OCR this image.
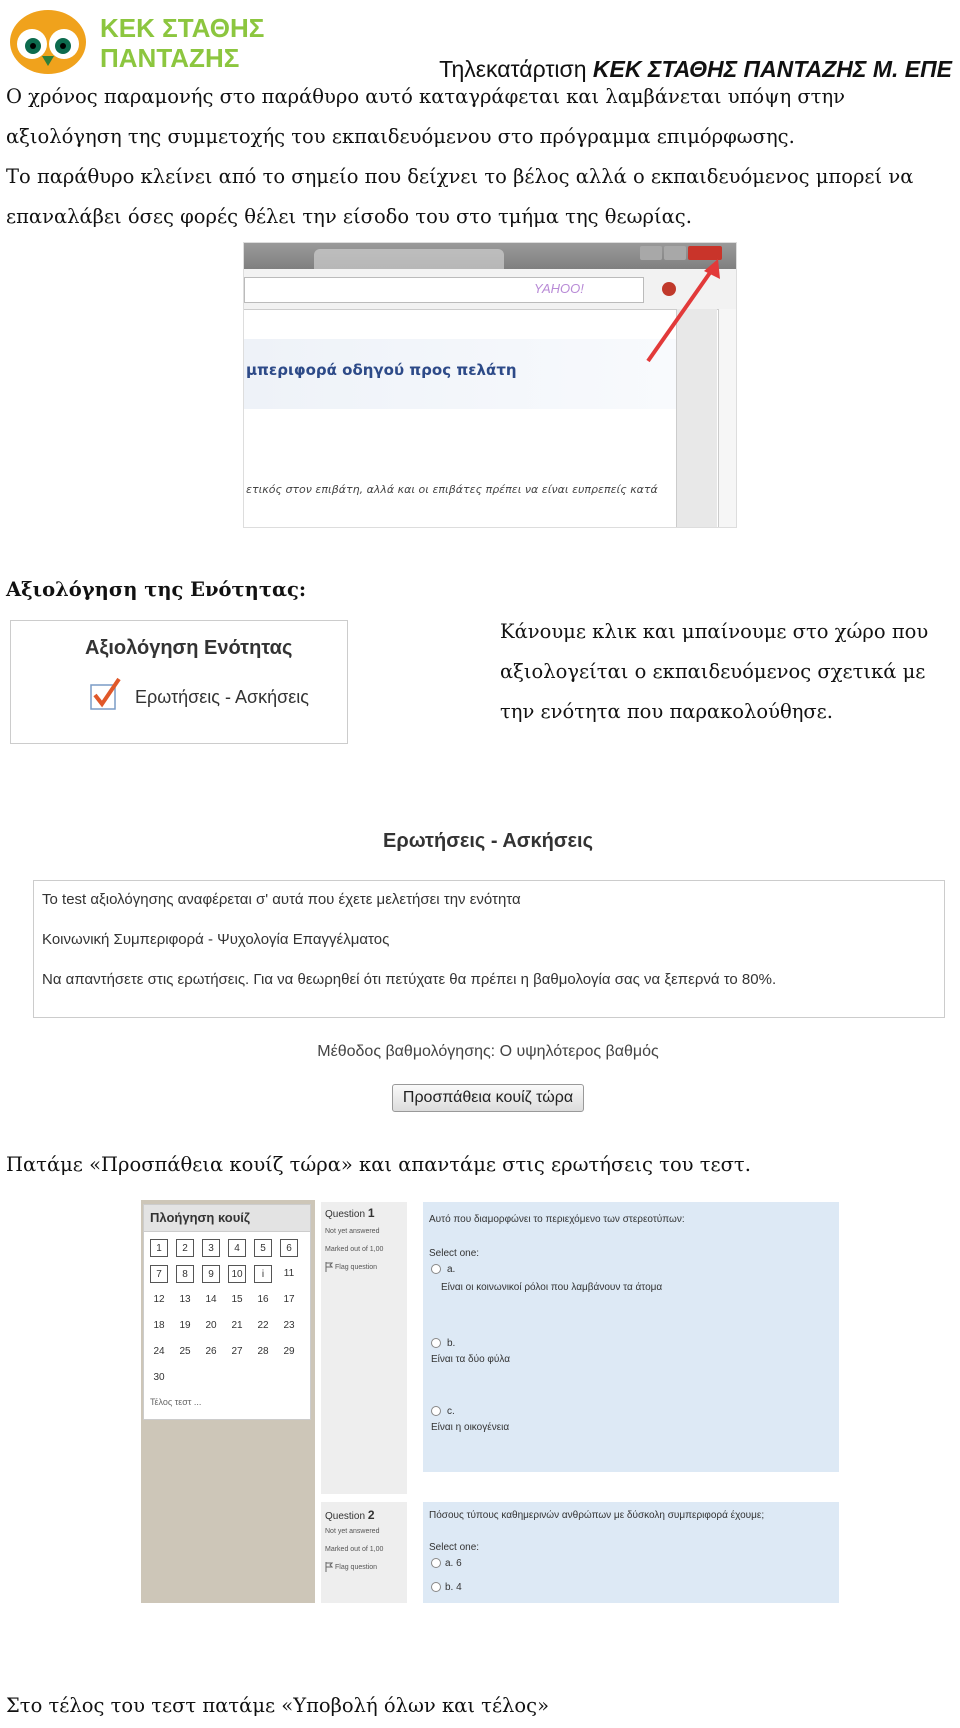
ΚΕΚ ΣΤΑΘΗΣ
ΠΑΝΤΑΖΗΣ	Τηλεκατάρτιση ΚΕΚ ΣΤΑΘΗΣ ΠΑΝΤΑΖΗΣ Μ. ΕΠΕ
Ο χρόνος παραμονής στο παράθυρο αυτό καταγράφεται και λαμβάνεται υπόψη στην
αξιολόγηση της συμμετοχής του εκπαιδευόμενου στο πρόγραμμα επιμόρφωσης.
Το παράθυρο κλείνει από το σημείο που δείχνει το βέλος αλλά ο εκπαιδευόμενος μπορεί να
επαναλάβει όσες φορές θέλει την είσοδο του στο τμήμα της θεωρίας.
YAHOO!
μπεριφορά οδηγού προς πελάτη
ετικός στον επιβάτη, αλλά και οι επιβάτες πρέπει να είναι ευπρεπείς κατά
Αξιολόγηση της Ενότητας:
Αξιολόγηση Ενότητας
Ερωτήσεις - Ασκήσεις
Κάνουμε κλικ και μπαίνουμε στο χώρο που
αξιολογείται ο εκπαιδευόμενος σχετικά με
την ενότητα που παρακολούθησε.
Ερωτήσεις - Ασκήσεις
Το test αξιολόγησης αναφέρεται σ' αυτά που έχετε μελετήσει την ενότητα
Κοινωνική Συμπεριφορά - Ψυχολογία Επαγγέλματος
Να απαντήσετε στις ερωτήσεις. Για να θεωρηθεί ότι πετύχατε θα πρέπει η βαθμολογία σας να ξεπερνά το 80%.
Μέθοδος βαθμολόγησης: Ο υψηλότερος βαθμός
Προσπάθεια κουίζ τώρα
Πατάμε «Προσπάθεια κουίζ τώρα» και απαντάμε στις ερωτήσεις του τεστ.
Πλοήγηση κουίζ
1	2	3	4	5	6
7	8	9	10	i	11
12	13	14	15	16	17
18	19	20	21	22	23
24	25	26	27	28	29
30
Τέλος τεστ ...
Question 1
Not yet answered
Marked out of 1,00
Flag question
Αυτό που διαμορφώνει το περιεχόμενο των στερεοτύπων:
Select one:
a.
Είναι οι κοινωνικοί ρόλοι που λαμβάνουν τα άτομα
b.
Είναι τα δύο φύλα
c.
Είναι η οικογένεια
Question 2
Not yet answered
Marked out of 1,00
Flag question
Πόσους τύπους καθημερινών ανθρώπων με δύσκολη συμπεριφορά έχουμε;
Select one:
a. 6
b. 4
Στο τέλος του τεστ πατάμε «Υποβολή όλων και τέλος»
